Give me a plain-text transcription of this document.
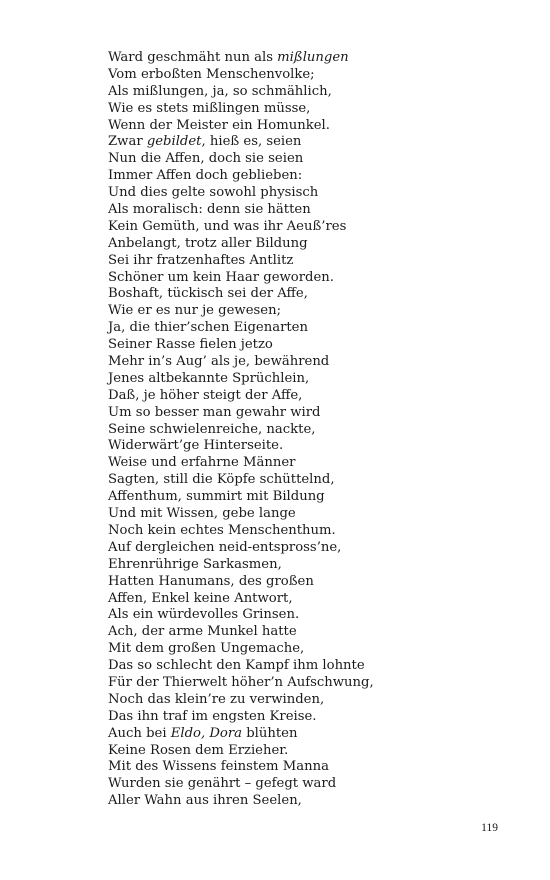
Ward geschmäht nun als mißlungen
Vom erboßten Menschenvolke;
Als mißlungen, ja, so schmählich,
Wie es stets mißlingen müsse,
Wenn der Meister ein Homunkel.
Zwar gebildet, hieß es, seien
Nun die Affen, doch sie seien
Immer Affen doch geblieben:
Und dies gelte sowohl physisch
Als moralisch: denn sie hätten
Kein Gemüth, und was ihr Aeuß’res
Anbelangt, trotz aller Bildung
Sei ihr fratzenhaftes Antlitz
Schöner um kein Haar geworden.
Boshaft, tückisch sei der Affe,
Wie er es nur je gewesen;
Ja, die thier’schen Eigenarten
Seiner Rasse fielen jetzo
Mehr in’s Aug’ als je, bewährend
Jenes altbekannte Sprüchlein,
Daß, je höher steigt der Affe,
Um so besser man gewahr wird
Seine schwielenreiche, nackte,
Widerwärt’ge Hinterseite.
Weise und erfahrne Männer
Sagten, still die Köpfe schüttelnd,
Affenthum, summirt mit Bildung
Und mit Wissen, gebe lange
Noch kein echtes Menschenthum.
Auf dergleichen neid-entspross’ne,
Ehrenrührige Sarkasmen,
Hatten Hanumans, des großen
Affen, Enkel keine Antwort,
Als ein würdevolles Grinsen.
Ach, der arme Munkel hatte
Mit dem großen Ungemache,
Das so schlecht den Kampf ihm lohnte
Für der Thierwelt höher’n Aufschwung,
Noch das klein’re zu verwinden,
Das ihn traf im engsten Kreise.
Auch bei Eldo, Dora blühten
Keine Rosen dem Erzieher.
Mit des Wissens feinstem Manna
Wurden sie genährt – gefegt ward
Aller Wahn aus ihren Seelen,
119
